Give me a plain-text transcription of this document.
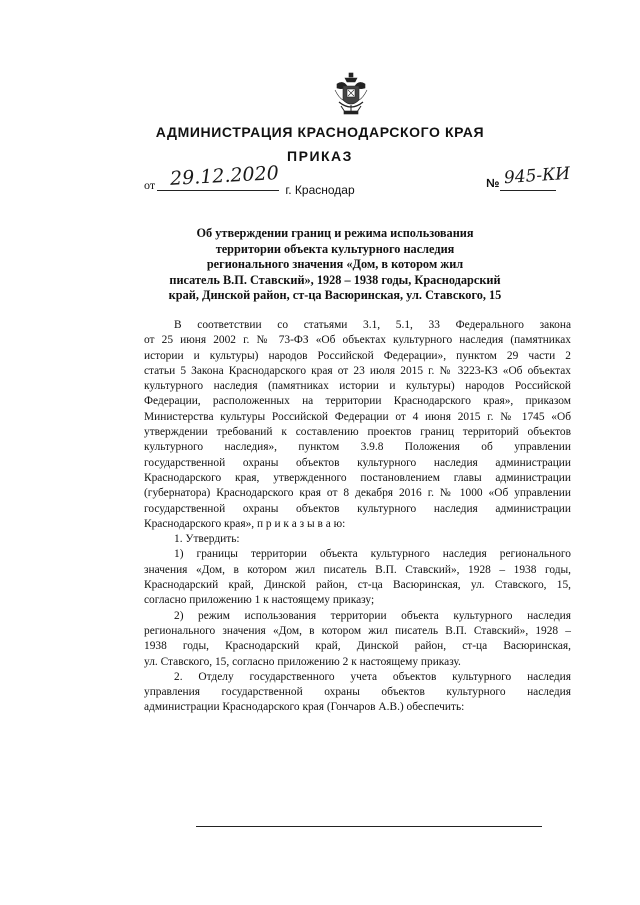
АДМИНИСТРАЦИЯ КРАСНОДАРСКОГО КРАЯ
ПРИКАЗ
от 29.12.2020
г. Краснодар	№ 945-КИ
Об утверждении границ и режима использования
территории объекта культурного наследия
регионального значения «Дом, в котором жил
писатель В.П. Ставский», 1928 – 1938 годы, Краснодарский
край, Динской район, ст-ца Васюринская, ул. Ставского, 15
В соответствии со статьями 3.1, 5.1, 33 Федерального закона
от 25 июня 2002 г. № 73-ФЗ «Об объектах культурного наследия (памятниках
истории и культуры) народов Российской Федерации», пунктом 29 части 2
статьи 5 Закона Краснодарского края от 23 июля 2015 г. № 3223-КЗ «Об объектах
культурного наследия (памятниках истории и культуры) народов Российской
Федерации, расположенных на территории Краснодарского края», приказом
Министерства культуры Российской Федерации от 4 июня 2015 г. № 1745 «Об
утверждении требований к составлению проектов границ территорий объектов
культурного наследия», пунктом 3.9.8 Положения об управлении
государственной охраны объектов культурного наследия администрации
Краснодарского края, утвержденного постановлением главы администрации
(губернатора) Краснодарского края от 8 декабря 2016 г. № 1000 «Об управлении
государственной охраны объектов культурного наследия администрации
Краснодарского края», п р и к а з ы в а ю:
1. Утвердить:
1) границы территории объекта культурного наследия регионального
значения «Дом, в котором жил писатель В.П. Ставский», 1928 – 1938 годы,
Краснодарский край, Динской район, ст-ца Васюринская, ул. Ставского, 15,
согласно приложению 1 к настоящему приказу;
2) режим использования территории объекта культурного наследия
регионального значения «Дом, в котором жил писатель В.П. Ставский», 1928 –
1938 годы, Краснодарский край, Динской район, ст-ца Васюринская,
ул. Ставского, 15, согласно приложению 2 к настоящему приказу.
2. Отделу государственного учета объектов культурного наследия
управления государственной охраны объектов культурного наследия
администрации Краснодарского края (Гончаров А.В.) обеспечить:
